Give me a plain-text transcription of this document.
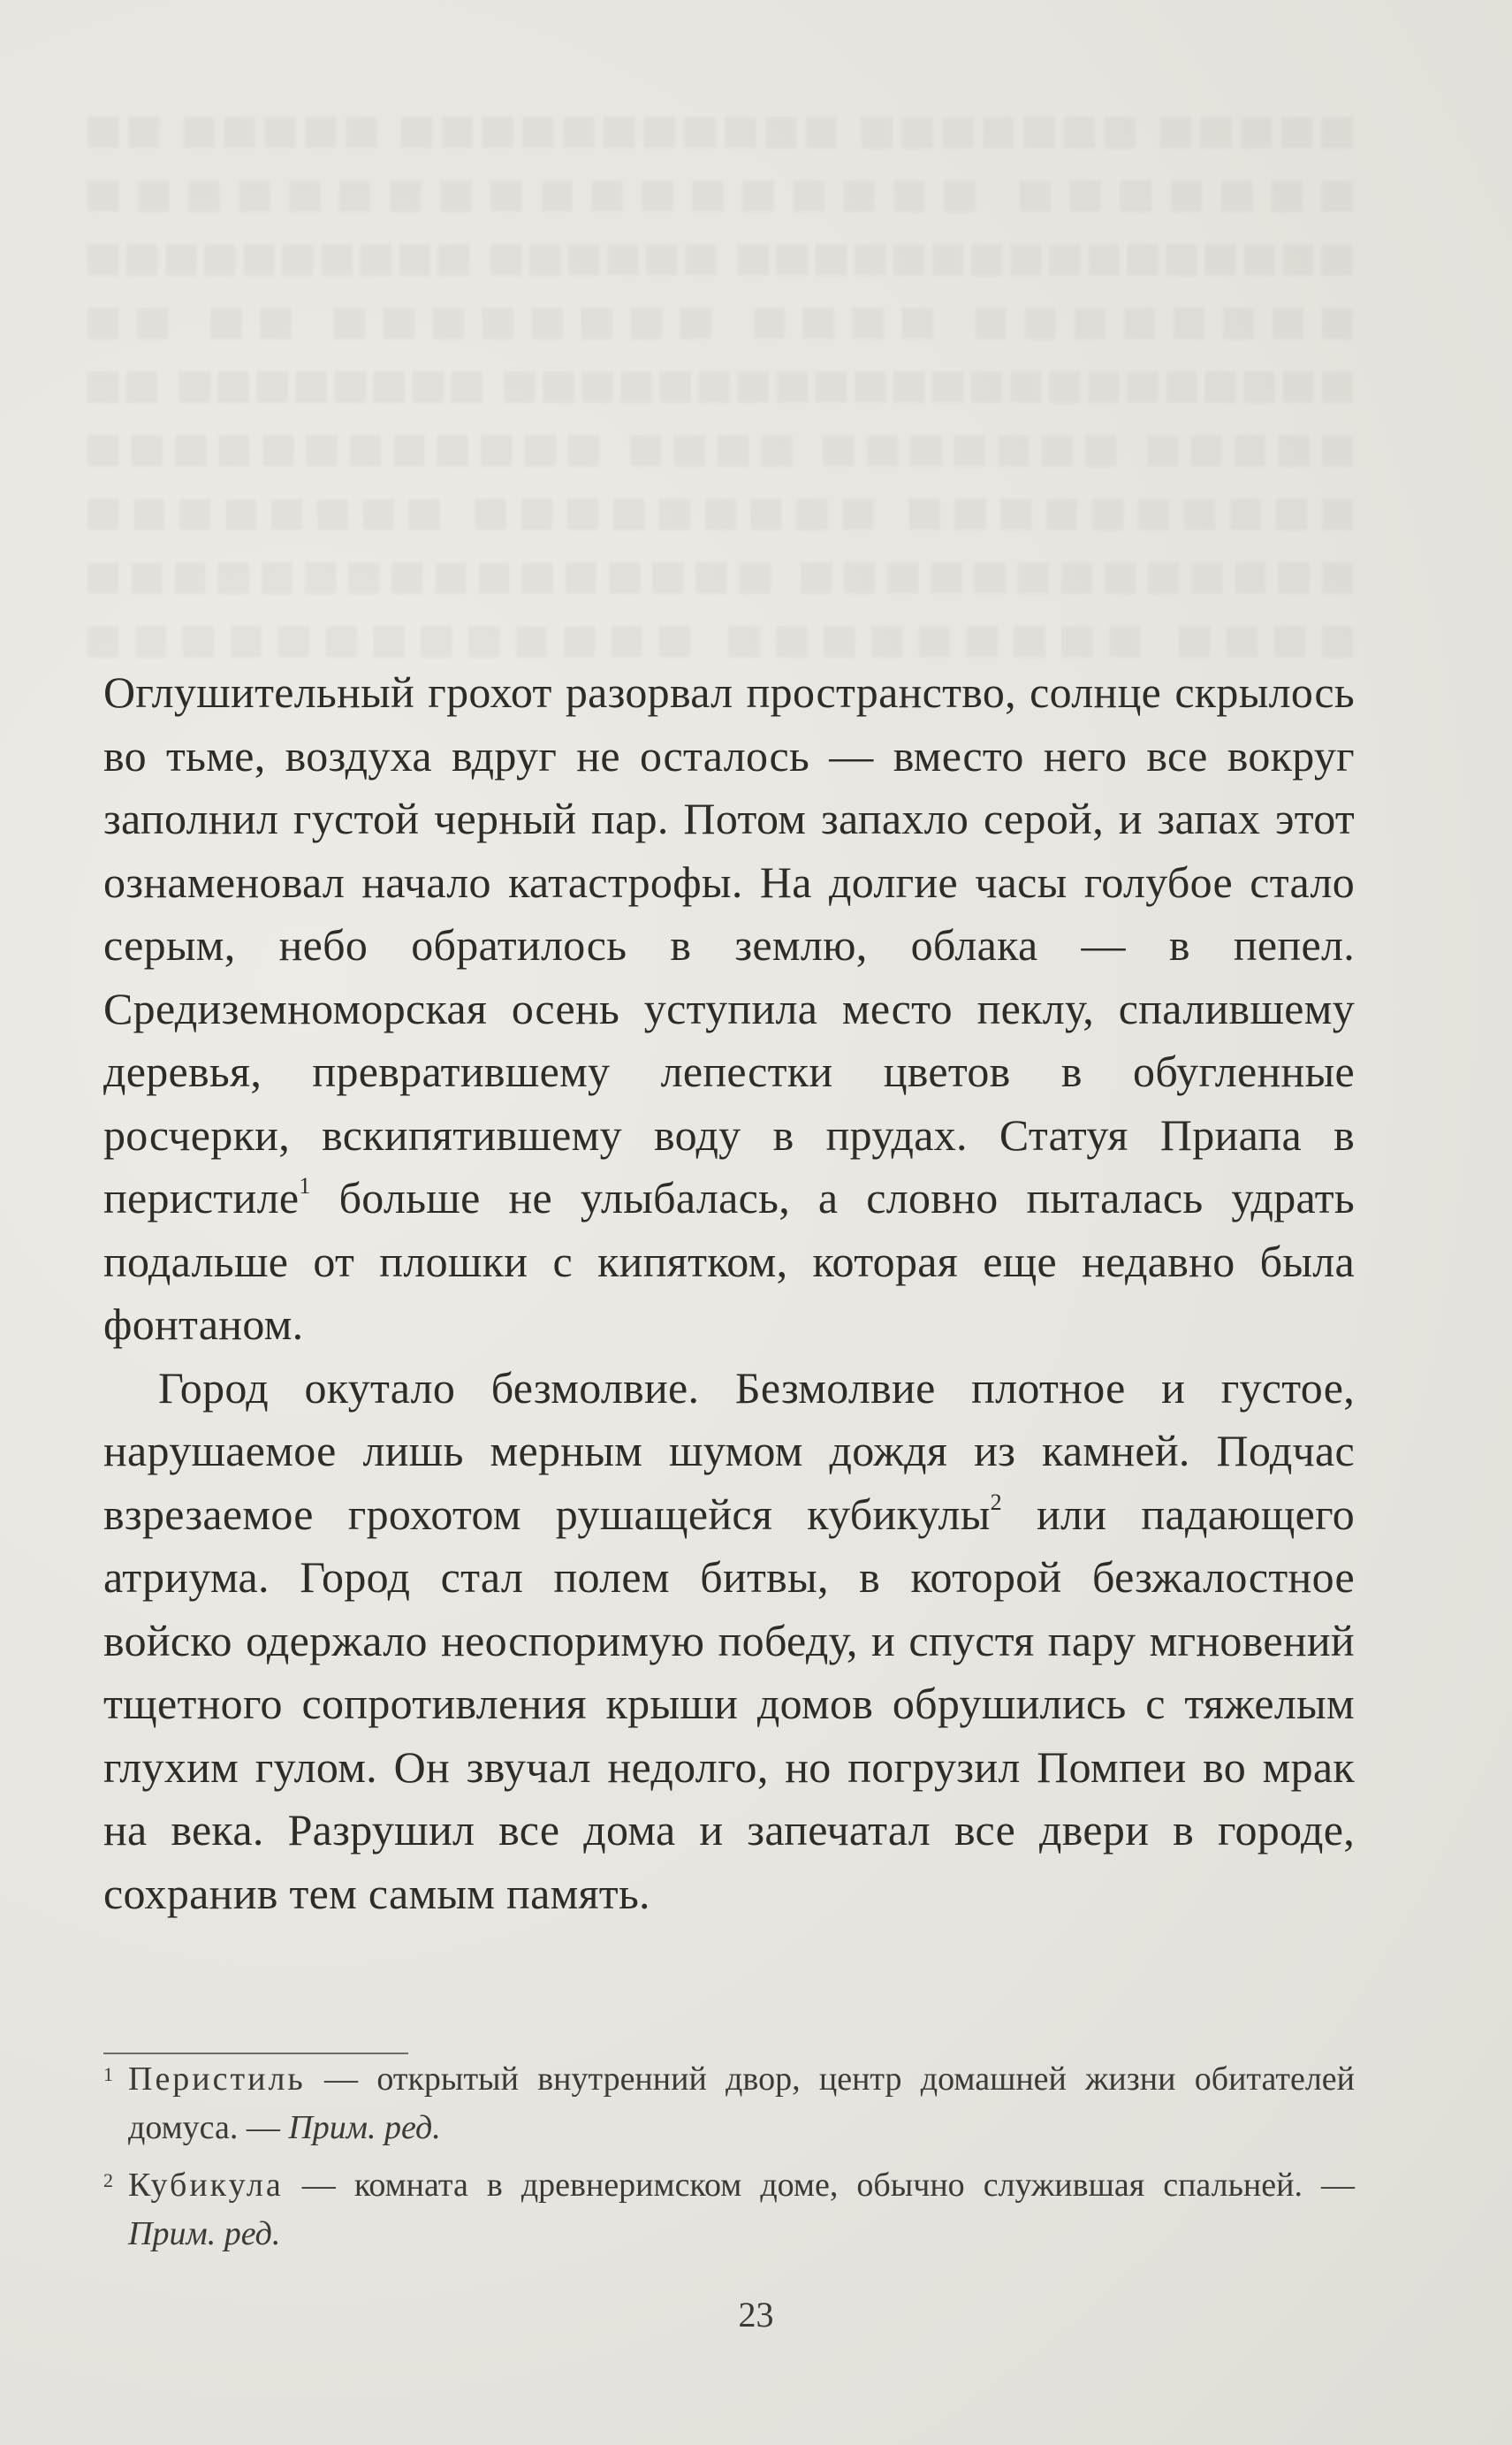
■■■■■ ■■■■■■■ ■■■■■■■■■■■ ■■■■■ ■■ ■■■■■■■ ■■■■■■■■■■■■■■■■■■ ■■■■■■■■■■■■■■■■ ■■■■■■ ■■■■■■■■■■ ■■■■■■■■ ■■■■ ■■■■■■■■ ■■ ■■ ■■■■■■■■■■■■■■■■■■■■■■ ■■■■■■■■ ■■ ■■■■■ ■■■■■■■ ■■■■ ■■■■■■■■■■■■ ■■■■■■■■■■ ■■■■■■■■■ ■■■■■■■■ ■■■■■■■■■■■■■ ■■■■■■■■■■■■■■■■ ■■■■ ■■■■■■■■■ ■■■■■■■■■■■■■

Оглушительный грохот разорвал пространство, солнце скрылось во тьме, воздуха вдруг не осталось — вместо него все вокруг заполнил густой черный пар. Потом запахло серой, и запах этот ознаменовал начало катастрофы. На долгие часы голубое стало серым, небо обратилось в землю, облака — в пепел. Средиземноморская осень уступила место пеклу, спалившему деревья, превратившему лепестки цветов в обугленные росчерки, вскипятившему воду в прудах. Статуя Приапа в перистиле$^1$ больше не улыбалась, а словно пыталась удрать подальше от плошки с кипятком, которая еще недавно была фонтаном.

Город окутало безмолвие. Безмолвие плотное и густое, нарушаемое лишь мерным шумом дождя из камней. Подчас взрезаемое грохотом рушащейся кубикулы$^2$ или падающего атриума. Город стал полем битвы, в которой безжалостное войско одержало неоспоримую победу, и спустя пару мгновений тщетного сопротивления крыши домов обрушились с тяжелым глухим гулом. Он звучал недолго, но погрузил Помпеи во мрак на века. Разрушил все дома и запечатал все двери в городе, сохранив тем самым память.

1 Перистиль — открытый внутренний двор, центр домашней жизни обитателей домуса. — Прим. ред.
2 Кубикула — комната в древнеримском доме, обычно служившая спальней. — Прим. ред.
23
